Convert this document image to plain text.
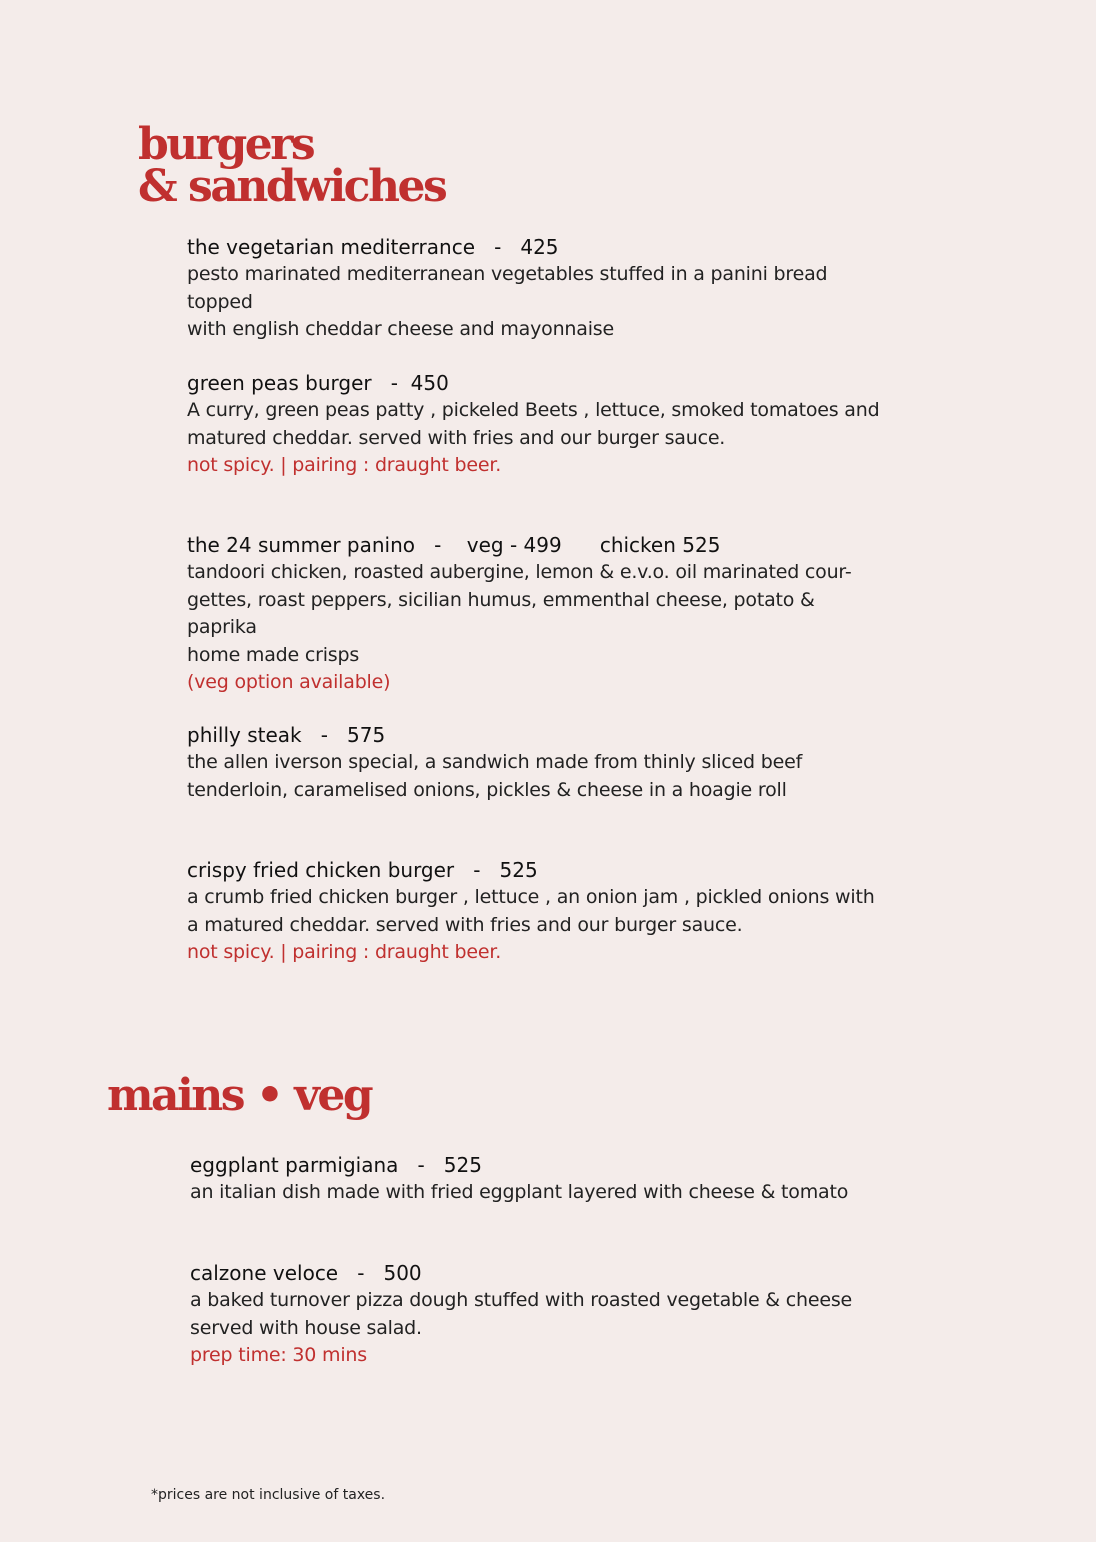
burgers
& sandwiches

the vegetarian mediterrance   -   425

pesto marinated mediterranean vegetables stuffed in a panini bread topped

with english cheddar cheese and mayonnaise

green peas burger   -  450

A curry, green peas patty , pickeled Beets , lettuce, smoked tomatoes and

matured cheddar. served with fries and our burger sauce.

not spicy. | pairing : draught beer.

the 24 summer panino   -    veg - 499      chicken 525

tandoori chicken, roasted aubergine, lemon & e.v.o. oil marinated cour-

gettes, roast peppers, sicilian humus, emmenthal cheese, potato & paprika

home made crisps

(veg option available)

philly steak   -   575

the allen iverson special, a sandwich made from thinly sliced beef

tenderloin, caramelised onions, pickles & cheese in a hoagie roll

crispy fried chicken burger   -   525

a crumb fried chicken burger , lettuce , an onion jam , pickled onions with

a matured cheddar. served with fries and our burger sauce.

not spicy. | pairing : draught beer.

mains • veg

eggplant parmigiana   -   525

an italian dish made with fried eggplant layered with cheese & tomato

calzone veloce   -   500

a baked turnover pizza dough stuffed with roasted vegetable & cheese

served with house salad.

prep time: 30 mins

*prices are not inclusive of taxes.
